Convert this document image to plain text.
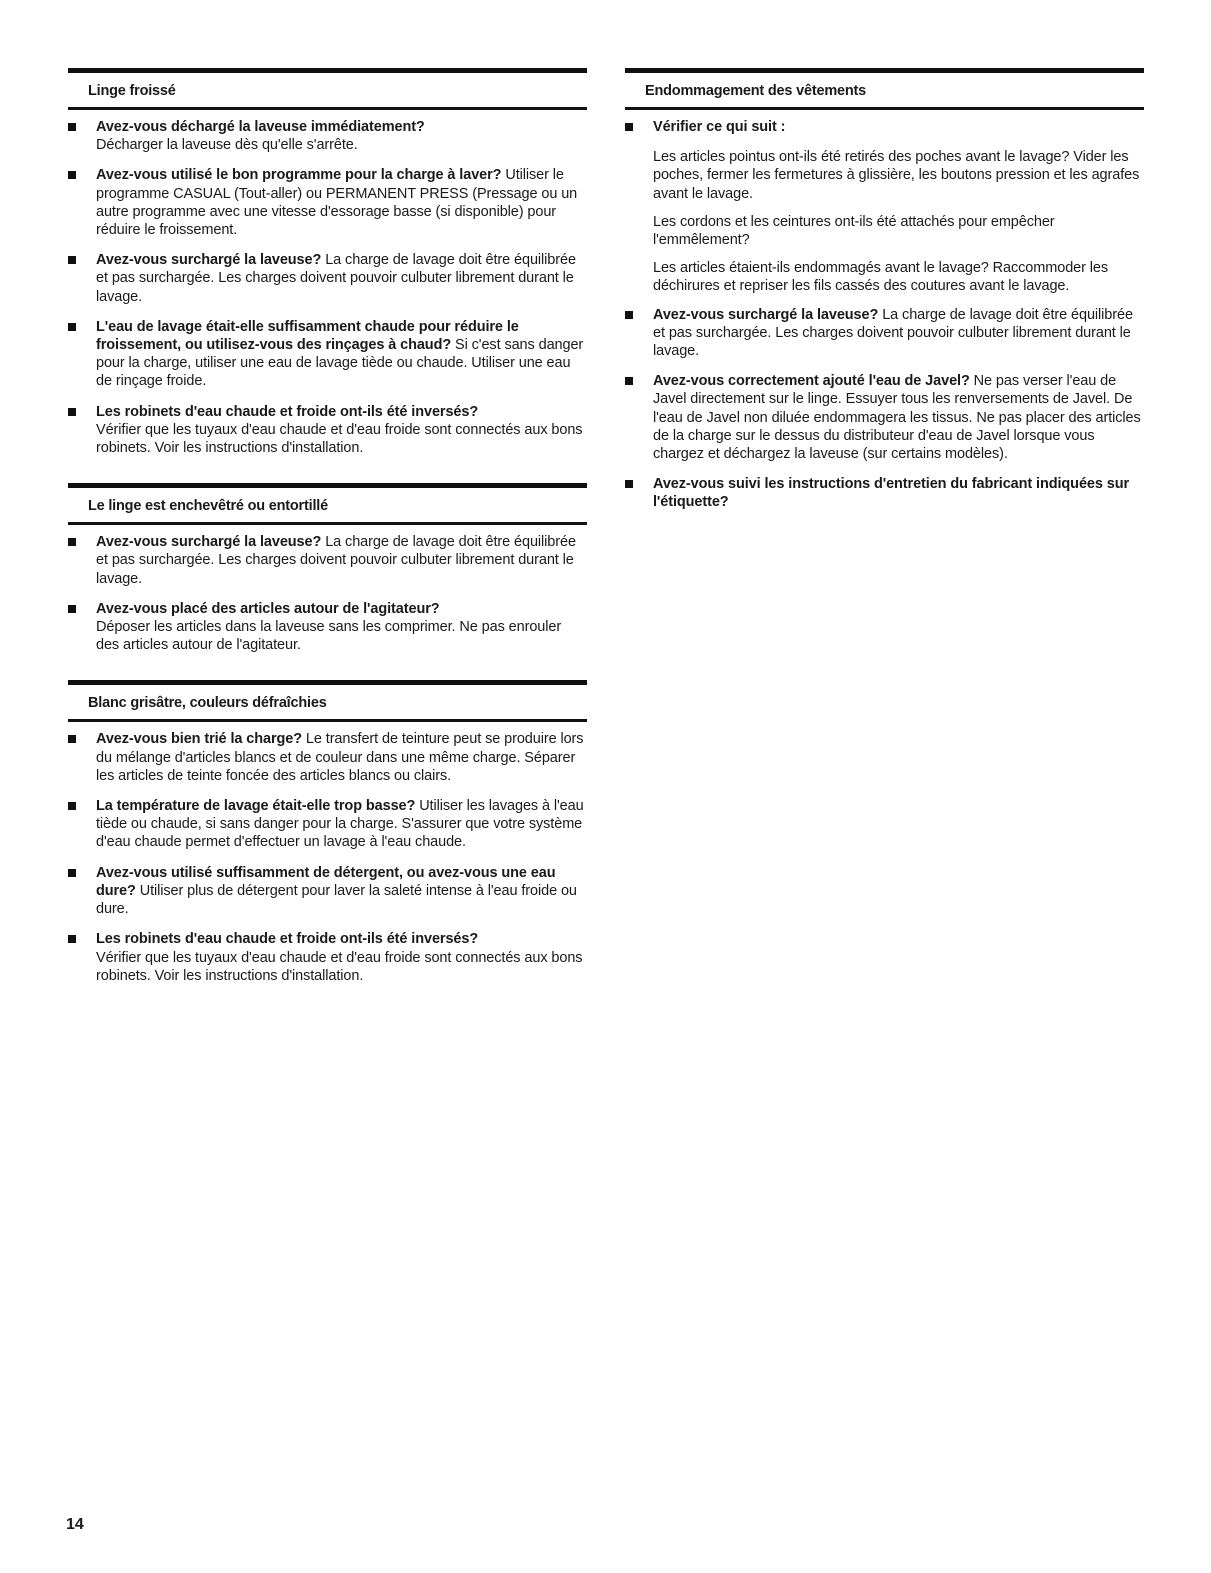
Linge froissé
Avez-vous déchargé la laveuse immédiatement?
Décharger la laveuse dès qu'elle s'arrête.
Avez-vous utilisé le bon programme pour la charge à laver? Utiliser le programme CASUAL (Tout-aller) ou PERMANENT PRESS (Pressage ou un autre programme avec une vitesse d'essorage basse (si disponible) pour réduire le froissement.
Avez-vous surchargé la laveuse? La charge de lavage doit être équilibrée et pas surchargée. Les charges doivent pouvoir culbuter librement durant le lavage.
L'eau de lavage était-elle suffisamment chaude pour réduire le froissement, ou utilisez-vous des rinçages à chaud? Si c'est sans danger pour la charge, utiliser une eau de lavage tiède ou chaude. Utiliser une eau de rinçage froide.
Les robinets d'eau chaude et froide ont-ils été inversés?
Vérifier que les tuyaux d'eau chaude et d'eau froide sont connectés aux bons robinets. Voir les instructions d'installation.
Le linge est enchevêtré ou entortillé
Avez-vous surchargé la laveuse? La charge de lavage doit être équilibrée et pas surchargée. Les charges doivent pouvoir culbuter librement durant le lavage.
Avez-vous placé des articles autour de l'agitateur?
Déposer les articles dans la laveuse sans les comprimer. Ne pas enrouler des articles autour de l'agitateur.
Blanc grisâtre, couleurs défraîchies
Avez-vous bien trié la charge? Le transfert de teinture peut se produire lors du mélange d'articles blancs et de couleur dans une même charge. Séparer les articles de teinte foncée des articles blancs ou clairs.
La température de lavage était-elle trop basse? Utiliser les lavages à l'eau tiède ou chaude, si sans danger pour la charge. S'assurer que votre système d'eau chaude permet d'effectuer un lavage à l'eau chaude.
Avez-vous utilisé suffisamment de détergent, ou avez-vous une eau dure? Utiliser plus de détergent pour laver la saleté intense à l'eau froide ou dure.
Les robinets d'eau chaude et froide ont-ils été inversés?
Vérifier que les tuyaux d'eau chaude et d'eau froide sont connectés aux bons robinets. Voir les instructions d'installation.
Endommagement des vêtements
Vérifier ce qui suit :

Les articles pointus ont-ils été retirés des poches avant le lavage? Vider les poches, fermer les fermetures à glissière, les boutons pression et les agrafes avant le lavage.

Les cordons et les ceintures ont-ils été attachés pour empêcher l'emmêlement?

Les articles étaient-ils endommagés avant le lavage? Raccommoder les déchirures et repriser les fils cassés des coutures avant le lavage.

Avez-vous surchargé la laveuse? La charge de lavage doit être équilibrée et pas surchargée. Les charges doivent pouvoir culbuter librement durant le lavage.
Avez-vous correctement ajouté l'eau de Javel? Ne pas verser l'eau de Javel directement sur le linge. Essuyer tous les renversements de Javel. De l'eau de Javel non diluée endommagera les tissus. Ne pas placer des articles de la charge sur le dessus du distributeur d'eau de Javel lorsque vous chargez et déchargez la laveuse (sur certains modèles).
Avez-vous suivi les instructions d'entretien du fabricant indiquées sur l'étiquette?
14
